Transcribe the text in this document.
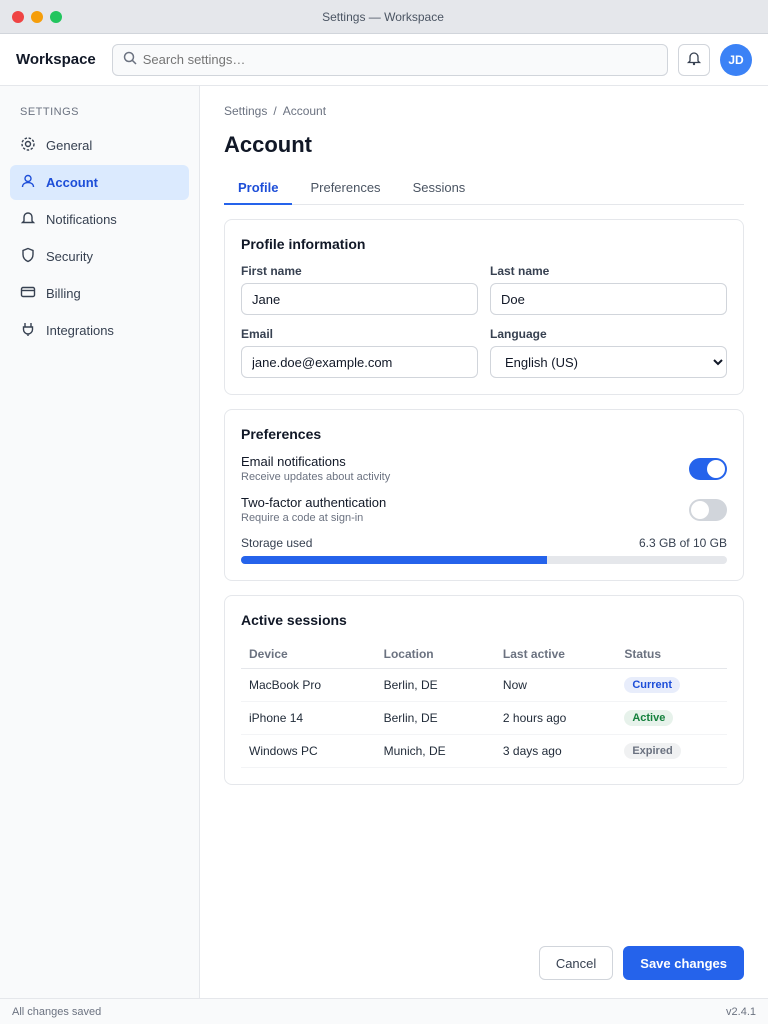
Settings — Workspace
Workspace
Search settings…	JD
SETTINGS
General
Account
Notifications
Security
Billing
Integrations
Settings / Account
Account
Profile	Preferences	Sessions
Profile information
First name
Jane	Last name
Doe
Email
jane.doe@example.com	Language
English (US)
Preferences
Email notifications
Receive updates about activity
Two-factor authentication
Require a code at sign-in
Storage used	6.3 GB of 10 GB
Active sessions
Device	Location	Last active	Status
MacBook Pro	Berlin, DE	Now	Current
iPhone 14	Berlin, DE	2 hours ago	Active
Windows PC	Munich, DE	3 days ago	Expired
Cancel	Save changes
All changes saved	v2.4.1
